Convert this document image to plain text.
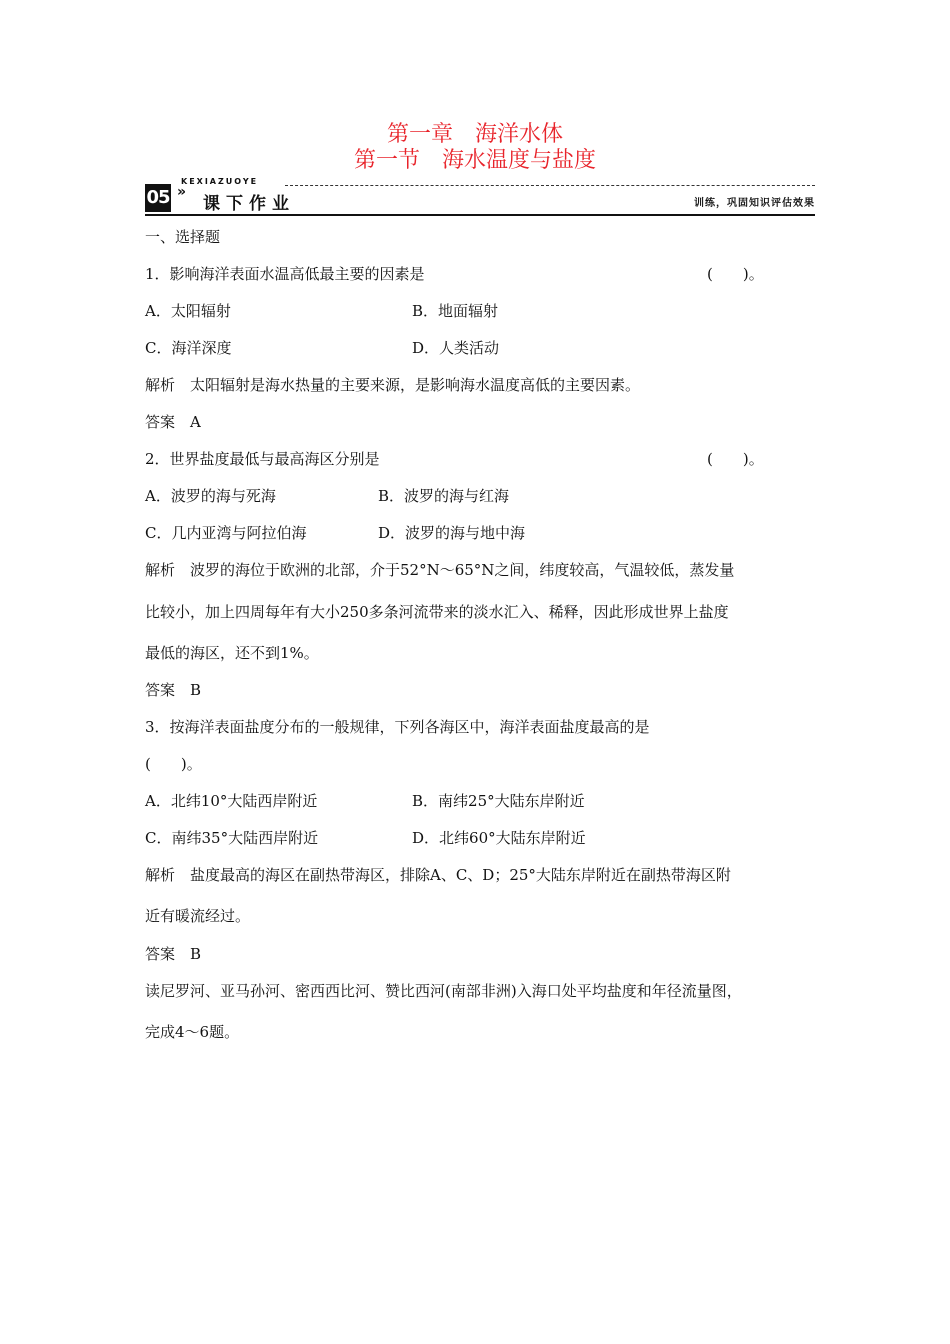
第一章　海洋水体
第一节　海水温度与盐度
05
KEXIAZUOYE
»
课下作业	训练，巩固知识评估效果
一、选择题
1．影响海洋表面水温高低最主要的因素是	(　　)。
A．太阳辐射	B．地面辐射
C．海洋深度	D．人类活动
解析　太阳辐射是海水热量的主要来源，是影响海水温度高低的主要因素。
答案　A
2．世界盐度最低与最高海区分别是	(　　)。
A．波罗的海与死海	B．波罗的海与红海
C．几内亚湾与阿拉伯海	D．波罗的海与地中海
解析　波罗的海位于欧洲的北部，介于52°N～65°N之间，纬度较高，气温较低，蒸发量
比较小，加上四周每年有大小250多条河流带来的淡水汇入、稀释，因此形成世界上盐度
最低的海区，还不到1%。
答案　B
3．按海洋表面盐度分布的一般规律，下列各海区中，海洋表面盐度最高的是
(　　)。
A．北纬10°大陆西岸附近	B．南纬25°大陆东岸附近
C．南纬35°大陆西岸附近	D．北纬60°大陆东岸附近
解析　盐度最高的海区在副热带海区，排除A、C、D；25°大陆东岸附近在副热带海区附
近有暖流经过。
答案　B
读尼罗河、亚马孙河、密西西比河、赞比西河(南部非洲)入海口处平均盐度和年径流量图，
完成4～6题。
